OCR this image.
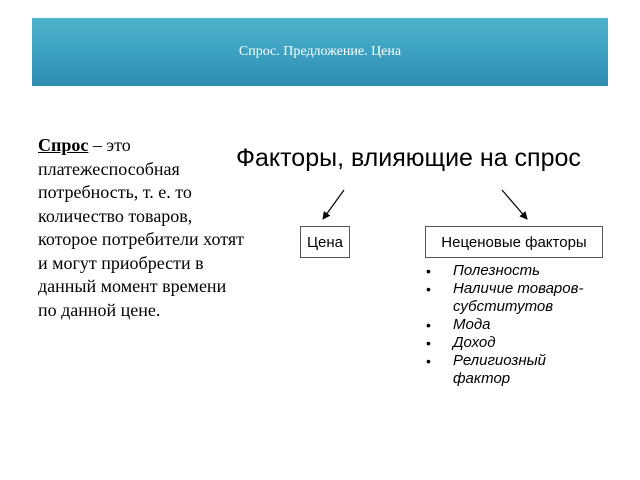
Спрос. Предложение. Цена
Спрос – это платежеспособная потребность, т. е. то количество товаров, которое потребители хотят и могут приобрести в данный момент времени по данной цене.
Факторы, влияющие на спрос
Цена	Неценовые факторы
• Полезность
• Наличие товаров-субститутов
• Мода
• Доход
• Религиозный фактор
